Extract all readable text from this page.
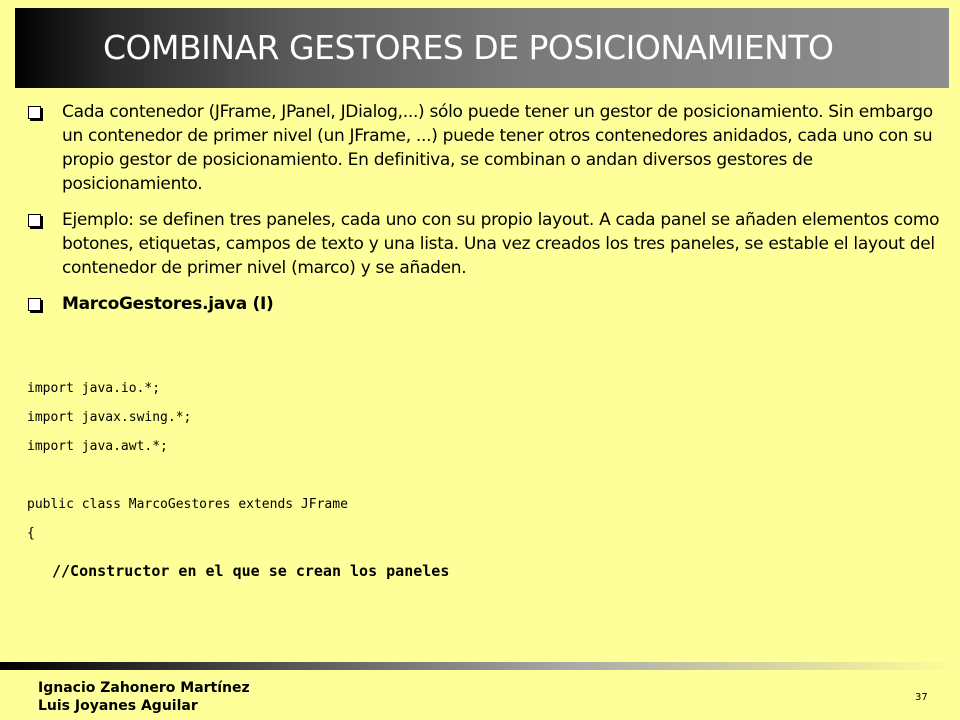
COMBINAR GESTORES DE POSICIONAMIENTO
Cada contenedor (JFrame, JPanel, JDialog,...) sólo puede tener un gestor de posicionamiento. Sin embargo un contenedor de primer nivel (un JFrame, ...) puede tener otros contenedores anidados, cada uno con su propio gestor de posicionamiento. En definitiva, se combinan o andan diversos gestores de posicionamiento.
Ejemplo: se definen tres paneles, cada uno con su propio layout. A cada panel se añaden elementos como botones, etiquetas, campos de texto y una lista. Una vez creados los tres paneles, se estable el layout del contenedor de primer nivel (marco) y se añaden.
MarcoGestores.java (I)
import java.io.*;
import javax.swing.*;
import java.awt.*;
public class MarcoGestores extends JFrame
{
//Constructor en el que se crean los paneles
Ignacio Zahonero Martínez
Luis Joyanes Aguilar
37
